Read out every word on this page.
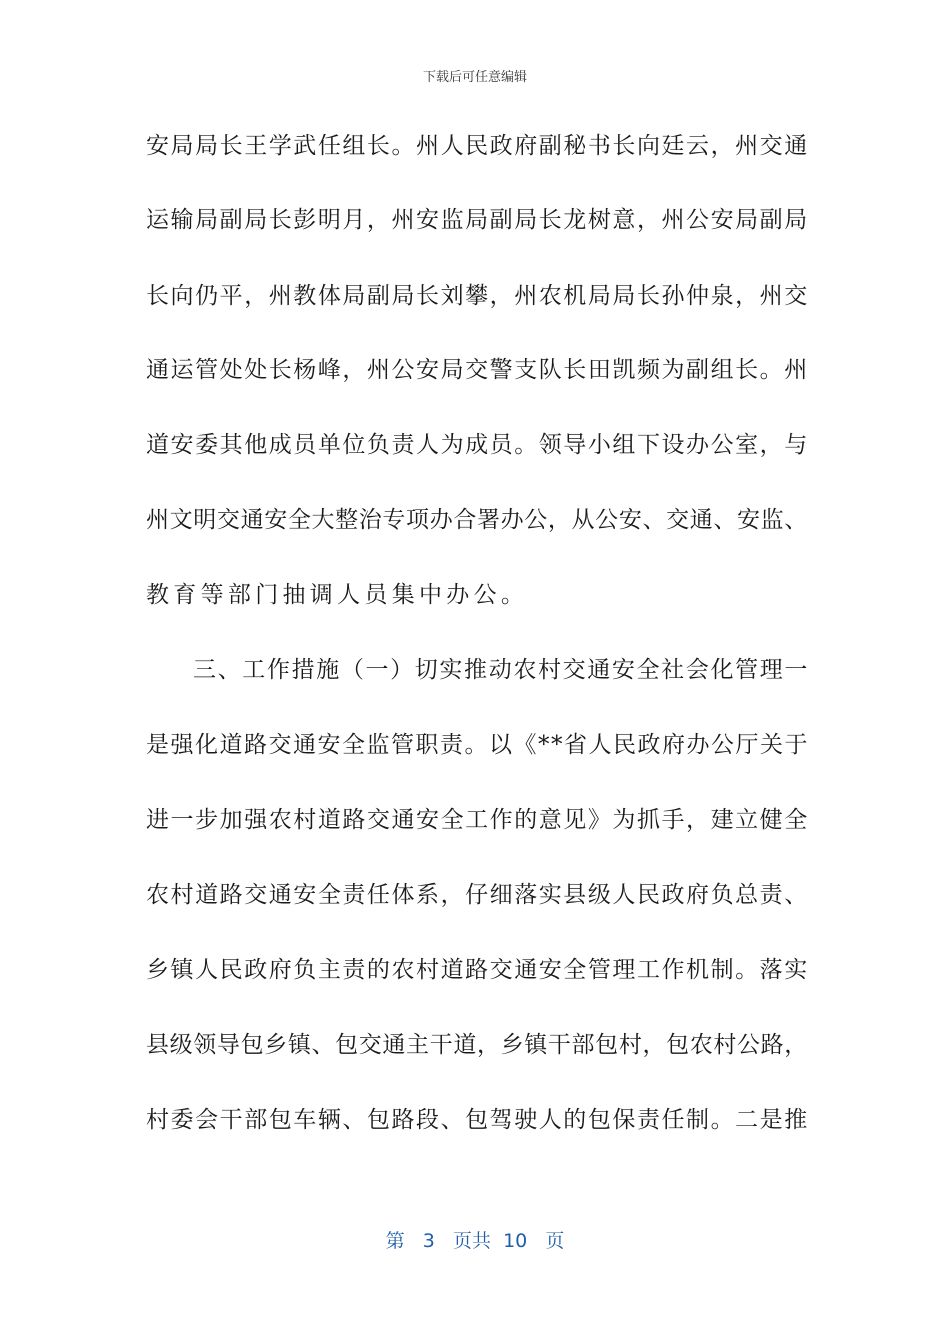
下载后可任意编辑
安 局 局 长 王 学 武 任 组 长 。 州 人 民 政 府 副 秘 书 长 向 廷 云 ， 州 交 通
运 输 局 副 局 长 彭 明 月 ， 州 安 监 局 副 局 长 龙 树 意 ， 州 公 安 局 副 局
长 向 仍 平 ， 州 教 体 局 副 局 长 刘 攀 ， 州 农 机 局 局 长 孙 仲 泉 ， 州 交
通 运 管 处 处 长 杨 峰 ， 州 公 安 局 交 警 支 队 长 田 凯 频 为 副 组 长 。 州
道 安 委 其 他 成 员 单 位 负 责 人 为 成 员 。 领 导 小 组 下 设 办 公 室 ， 与
州 文 明 交 通 安 全 大 整 治 专 项 办 合 署 办 公 ， 从 公 安 、 交 通 、 安 监 、
教育等部门抽调人员集中办公。
三 、 工 作 措 施 （ 一 ） 切 实 推 动 农 村 交 通 安 全 社 会 化 管 理 一
是 强 化 道 路 交 通 安 全 监 管 职 责 。 以 《 * * 省 人 民 政 府 办 公 厅 关 于
进 一 步 加 强 农 村 道 路 交 通 安 全 工 作 的 意 见 》 为 抓 手 ， 建 立 健 全
农 村 道 路 交 通 安 全 责 任 体 系 ， 仔 细 落 实 县 级 人 民 政 府 负 总 责 、
乡 镇 人 民 政 府 负 主 责 的 农 村 道 路 交 通 安 全 管 理 工 作 机 制 。 落 实
县 级 领 导 包 乡 镇 、 包 交 通 主 干 道 ， 乡 镇 干 部 包 村 ， 包 农 村 公 路 ，
村 委 会 干 部 包 车 辆 、 包 路 段 、 包 驾 驶 人 的 包 保 责 任 制 。 二 是 推
第 3 页共 10 页
